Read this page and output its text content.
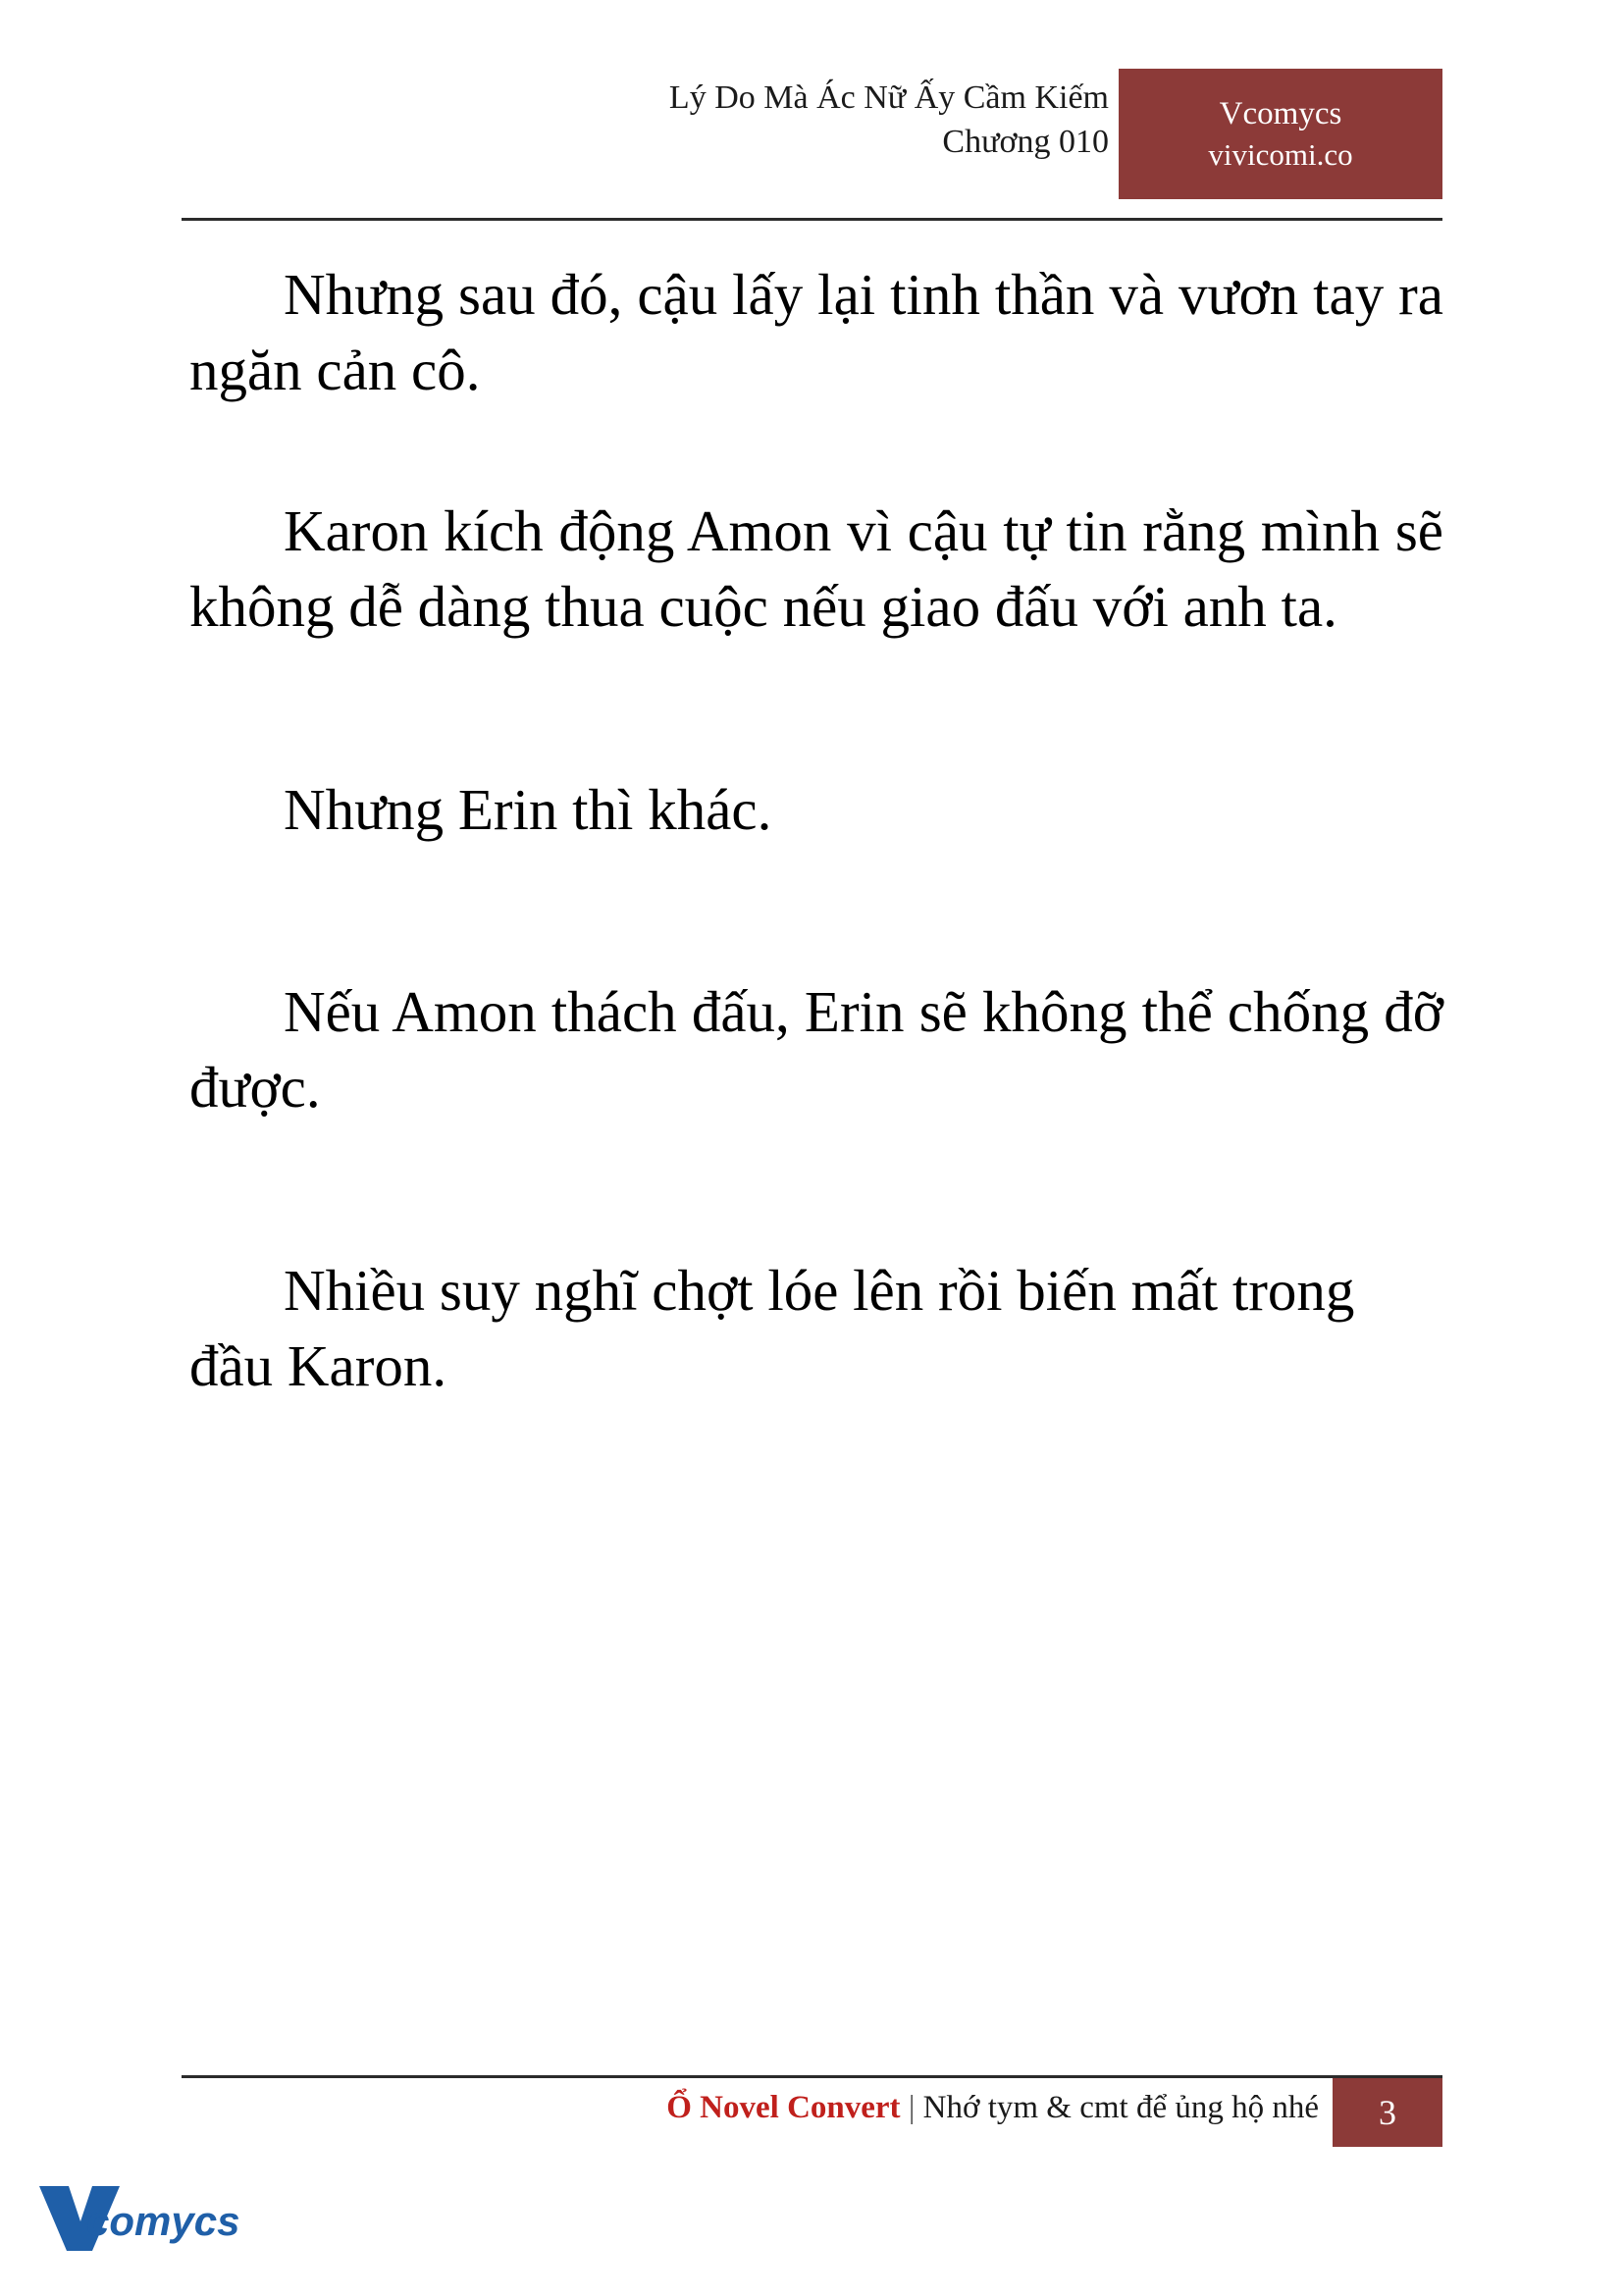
Lý Do Mà Ác Nữ Ấy Cầm Kiếm
Chương 010
Vcomycs
vivicomi.co

Nhưng sau đó, cậu lấy lại tinh thần và vươn tay ra ngăn cản cô.

Karon kích động Amon vì cậu tự tin rằng mình sẽ không dễ dàng thua cuộc nếu giao đấu với anh ta.

Nhưng Erin thì khác.

Nếu Amon thách đấu, Erin sẽ không thể chống đỡ được.

Nhiều suy nghĩ chợt lóe lên rồi biến mất trong đầu Karon.

Ổ Novel Convert | Nhớ tym & cmt để ủng hộ nhé	3
comycs
